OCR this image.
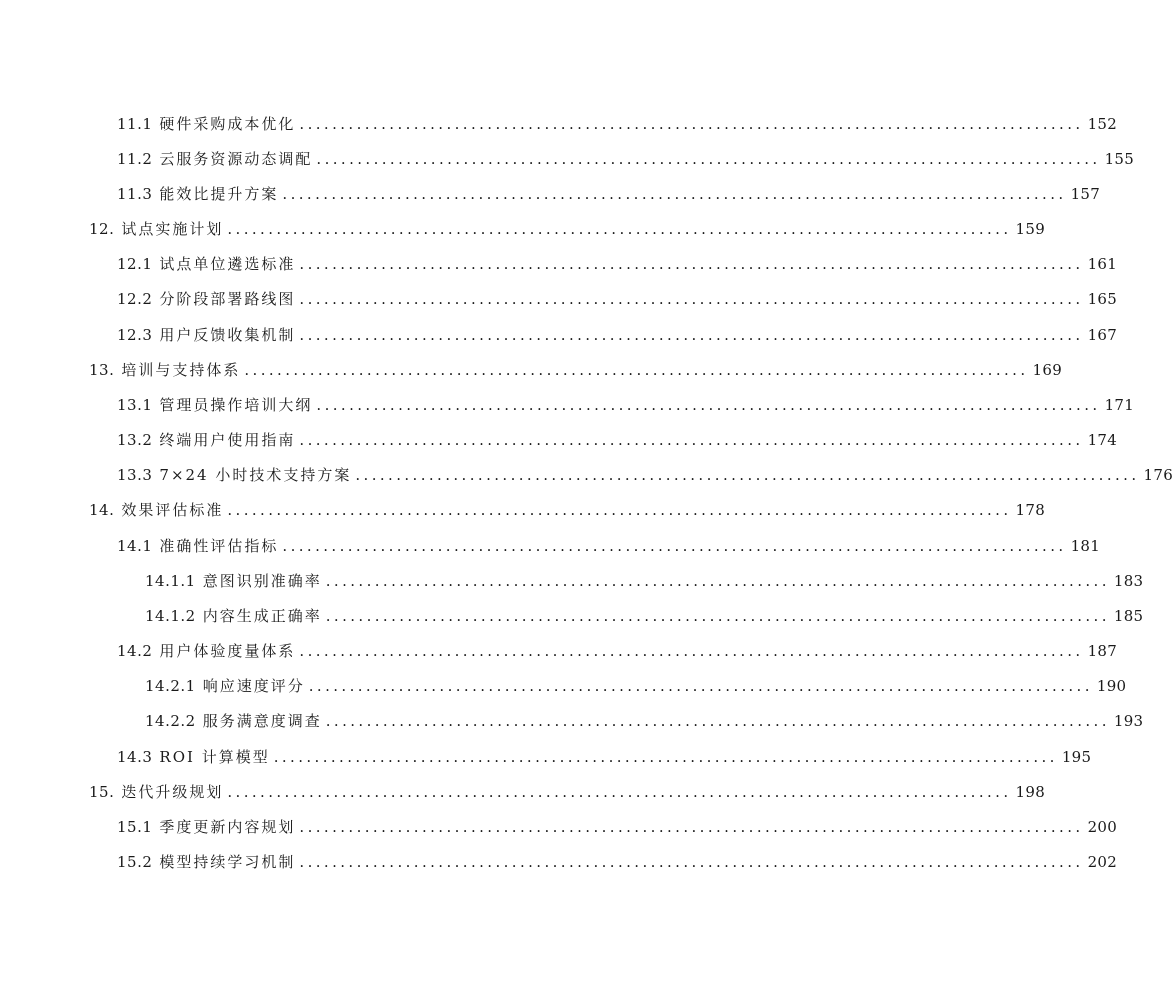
11.1 硬件采购成本优化 ................................................................................................ 152
11.2 云服务资源动态调配 ................................................................................................ 155
11.3 能效比提升方案 ................................................................................................ 157
12. 试点实施计划 ................................................................................................ 159
12.1 试点单位遴选标准 ................................................................................................ 161
12.2 分阶段部署路线图 ................................................................................................ 165
12.3 用户反馈收集机制 ................................................................................................ 167
13. 培训与支持体系 ................................................................................................ 169
13.1 管理员操作培训大纲 ................................................................................................ 171
13.2 终端用户使用指南 ................................................................................................ 174
13.3 7×24 小时技术支持方案 ................................................................................................ 176
14. 效果评估标准 ................................................................................................ 178
14.1 准确性评估指标 ................................................................................................ 181
14.1.1 意图识别准确率 ................................................................................................ 183
14.1.2 内容生成正确率 ................................................................................................ 185
14.2 用户体验度量体系 ................................................................................................ 187
14.2.1 响应速度评分 ................................................................................................ 190
14.2.2 服务满意度调查 ................................................................................................ 193
14.3 ROI 计算模型 ................................................................................................ 195
15. 迭代升级规划 ................................................................................................ 198
15.1 季度更新内容规划 ................................................................................................ 200
15.2 模型持续学习机制 ................................................................................................ 202
